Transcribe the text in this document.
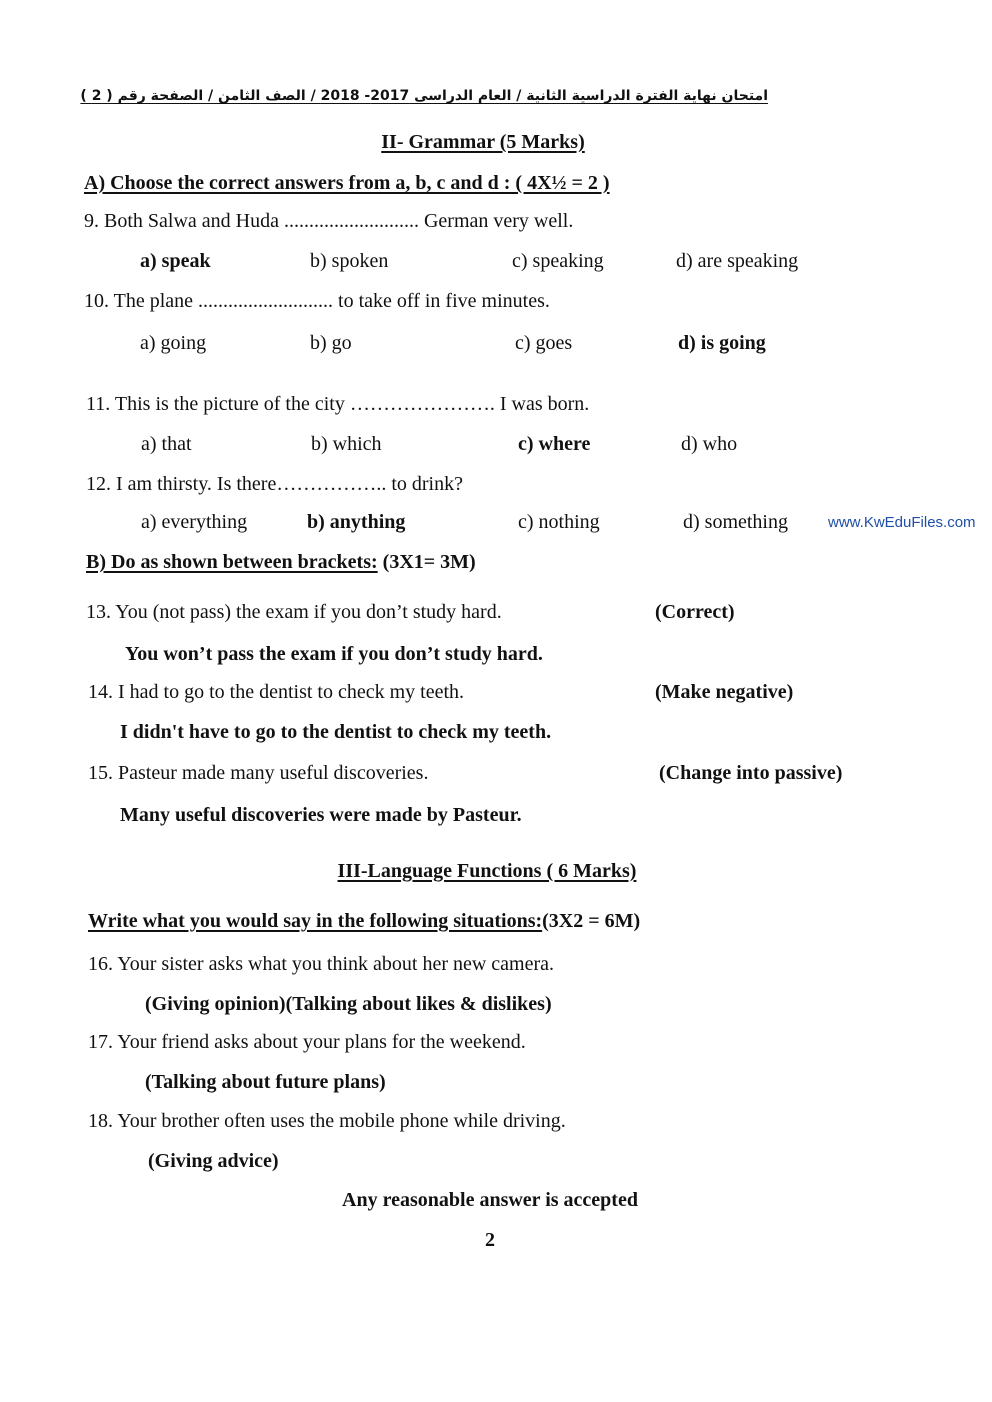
امتحان نهاية الفترة الدراسية الثانية / العام الدراسى 2017- 2018 / الصف الثامن / الصفحة رقم ( 2 )
II- Grammar (5 Marks)
A) Choose the correct answers from a, b, c and d : ( 4X½ = 2 )
9. Both Salwa and Huda ........................... German very well.
a) speak	b) spoken	c) speaking	d) are speaking
10. The plane ........................... to take off in five minutes.
a) going	b) go	c) goes	d) is going
11. This is the picture of the city …………………. I was born.
a) that	b) which	c) where	d) who
12. I am thirsty. Is there…………….. to drink?
a) everything	b) anything	c) nothing	d) something	www.KwEduFiles.com
B) Do as shown between brackets: (3X1= 3M)
13. You (not pass) the exam if you don’t study hard.	(Correct)
You won’t pass the exam if you don’t study hard.
14. I had to go to the dentist to check my teeth.	(Make negative)
I didn't have to go to the dentist to check my teeth.
15. Pasteur made many useful discoveries.	(Change into passive)
Many useful discoveries were made by Pasteur.
III-Language Functions ( 6 Marks)
Write what you would say in the following situations:(3X2 = 6M)
16. Your sister asks what you think about her new camera.
(Giving opinion)(Talking about likes & dislikes)
17. Your friend asks about your plans for the weekend.
(Talking about future plans)
18. Your brother often uses the mobile phone while driving.
(Giving advice)
Any reasonable answer is accepted
2
